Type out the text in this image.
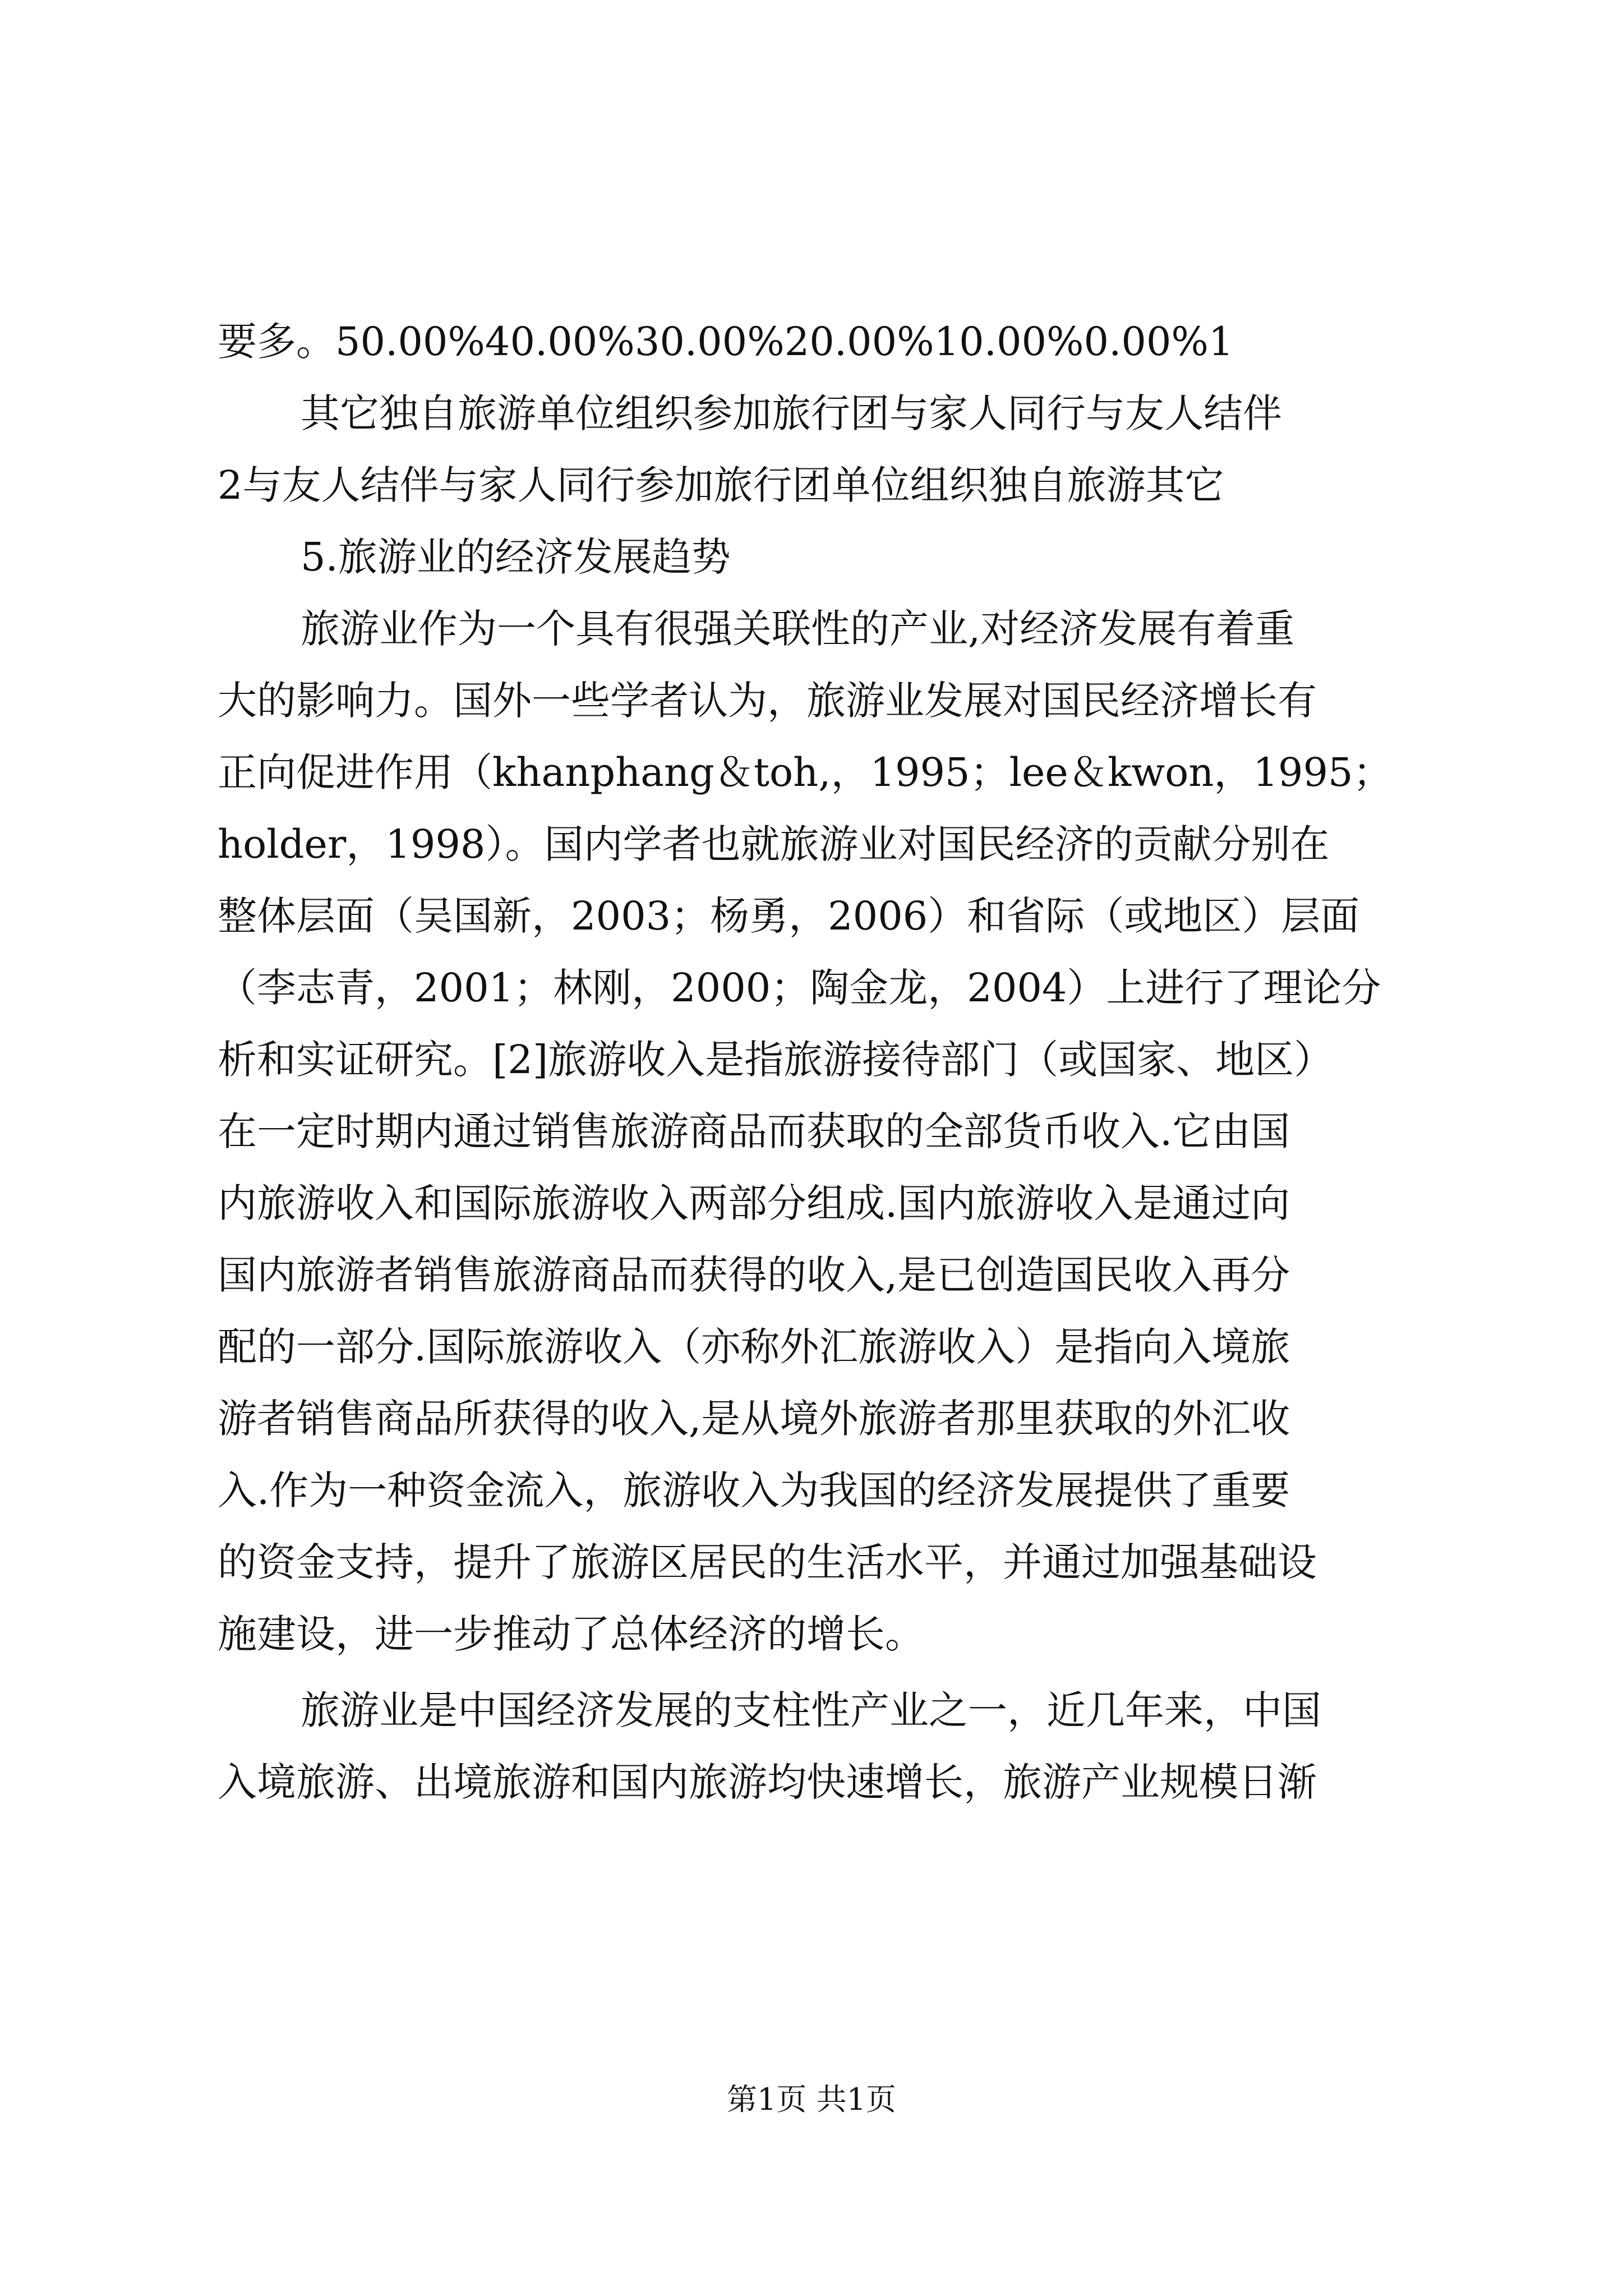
要多。50.00%40.00%30.00%20.00%10.00%0.00%1
其它独自旅游单位组织参加旅行团与家人同行与友人结伴
2与友人结伴与家人同行参加旅行团单位组织独自旅游其它
5.旅游业的经济发展趋势
旅游业作为一个具有很强关联性的产业,对经济发展有着重
大的影响力。国外一些学者认为，旅游业发展对国民经济增长有
正向促进作用（khanphang＆toh,，1995；lee＆kwon，1995；
holder，1998）。国内学者也就旅游业对国民经济的贡献分别在
整体层面（吴国新，2003；杨勇，2006）和省际（或地区）层面
（李志青，2001；林刚，2000；陶金龙，2004）上进行了理论分
析和实证研究。[2]旅游收入是指旅游接待部门（或国家、地区）
在一定时期内通过销售旅游商品而获取的全部货币收入.它由国
内旅游收入和国际旅游收入两部分组成.国内旅游收入是通过向
国内旅游者销售旅游商品而获得的收入,是已创造国民收入再分
配的一部分.国际旅游收入（亦称外汇旅游收入）是指向入境旅
游者销售商品所获得的收入,是从境外旅游者那里获取的外汇收
入.作为一种资金流入，旅游收入为我国的经济发展提供了重要
的资金支持，提升了旅游区居民的生活水平，并通过加强基础设
施建设，进一步推动了总体经济的增长。
旅游业是中国经济发展的支柱性产业之一，近几年来，中国
入境旅游、出境旅游和国内旅游均快速增长，旅游产业规模日渐
第1页 共1页
